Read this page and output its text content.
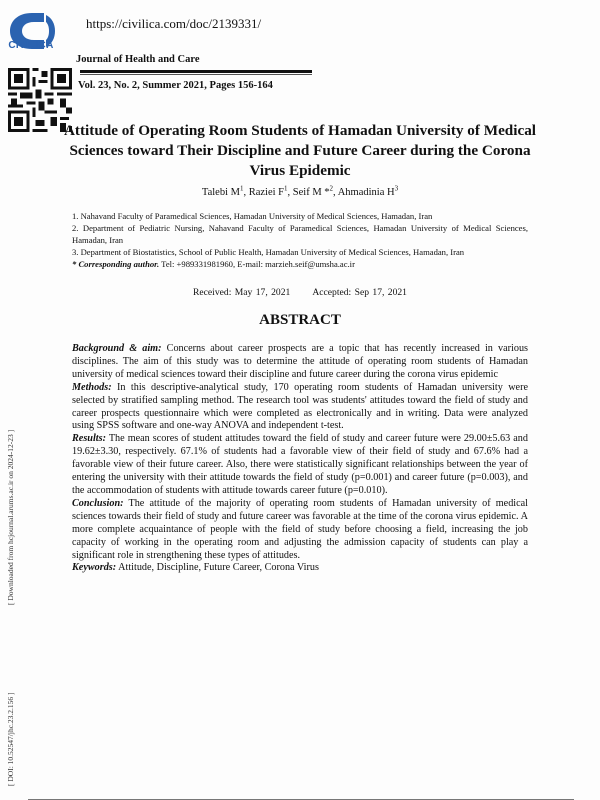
CIVILICA
https://civilica.com/doc/2139331/
Journal of Health and Care
Vol. 23, No. 2, Summer 2021, Pages 156-164
Attitude of Operating Room Students of Hamadan University of Medical Sciences toward Their Discipline and Future Career during the Corona Virus Epidemic
Talebi $M^1$, Raziei $F^1$, Seif M *$^2$, Ahmadinia $H^3$
1. Nahavand Faculty of Paramedical Sciences, Hamadan University of Medical Sciences, Hamadan, Iran
2. Department of Pediatric Nursing, Nahavand Faculty of Paramedical Sciences, Hamadan University of Medical Sciences, Hamadan, Iran
3. Department of Biostatistics, School of Public Health, Hamadan University of Medical Sciences, Hamadan, Iran
* Corresponding author. Tel: +989331981960, E-mail: marzieh.seif@umsha.ac.ir
Received: May 17, 2021 Accepted: Sep 17, 2021
ABSTRACT

Background & aim: Concerns about career prospects are a topic that has recently increased in various disciplines. The aim of this study was to determine the attitude of operating room students of Hamadan university of medical sciences toward their discipline and future career during the corona virus epidemic

Methods: In this descriptive-analytical study, 170 operating room students of Hamadan university were selected by stratified sampling method. The research tool was students' attitudes toward the field of study and career prospects questionnaire which were completed as electronically and in writing. Data were analyzed using SPSS software and one-way ANOVA and independent t-test.

Results: The mean scores of student attitudes toward the field of study and career future were 29.00±5.63 and 19.62±3.30, respectively. 67.1% of students had a favorable view of their field of study and 67.6% had a favorable view of their future career. Also, there were statistically significant relationships between the year of entering the university with their attitude towards the field of study (p=0.001) and career future (p=0.003), and the accommodation of students with attitude towards career future (p=0.010).

Conclusion: The attitude of the majority of operating room students of Hamadan university of medical sciences towards their field of study and future career was favorable at the time of the corona virus epidemic. A more complete acquaintance of people with the field of study before choosing a field, increasing the job capacity of working in the operating room and adjusting the admission capacity of students can play a significant role in strengthening these types of attitudes.

Keywords: Attitude, Discipline, Future Career, Corona Virus

[ Downloaded from hcjournal.arums.ac.ir on 2024-12-23 ]
[ DOI: 10.52547/jhc.23.2.156 ]
